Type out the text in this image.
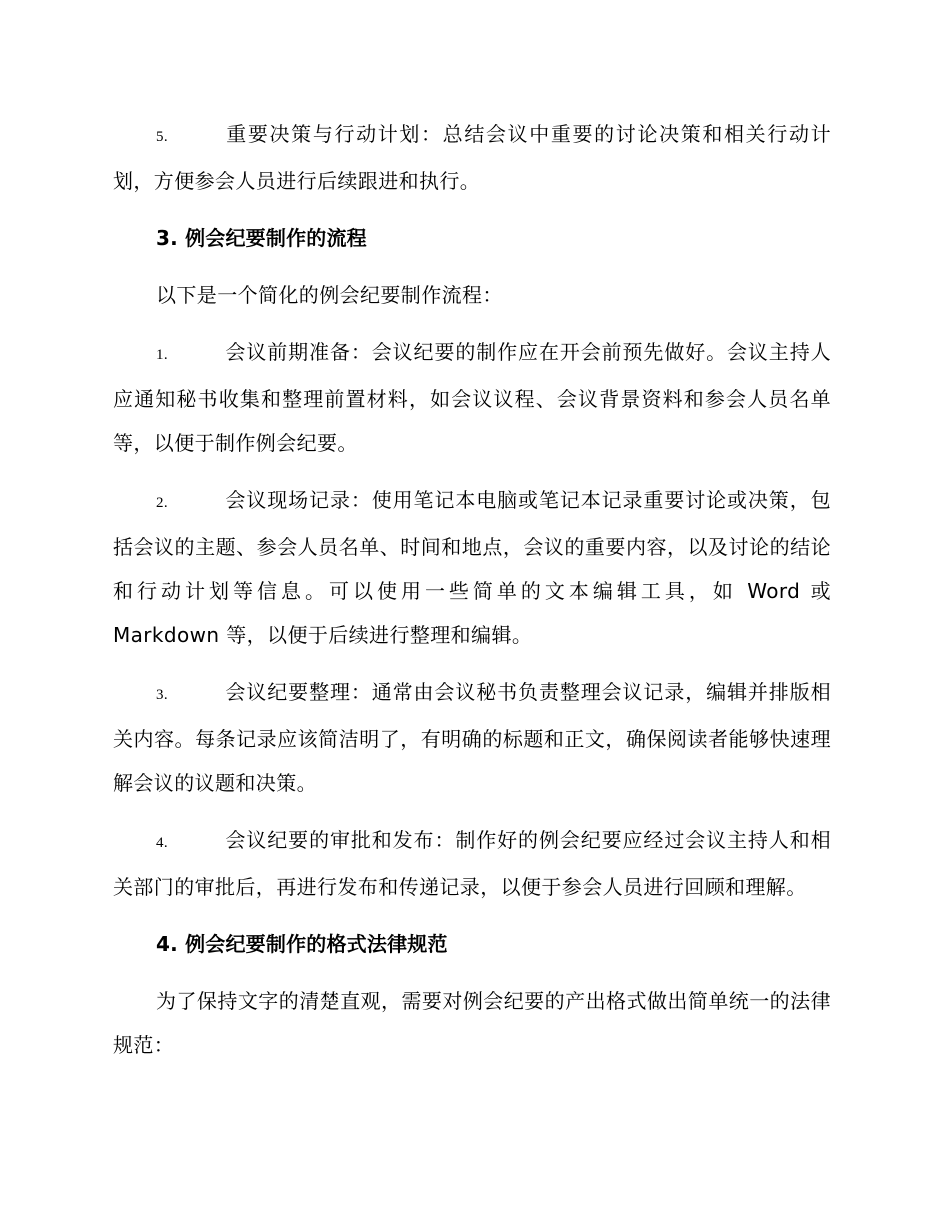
5.	重要决策与行动计划：总结会议中重要的讨论决策和相关行动计划，方便参会人员进行后续跟进和执行。

3. 例会纪要制作的流程

以下是一个简化的例会纪要制作流程：

1.	会议前期准备：会议纪要的制作应在开会前预先做好。会议主持人应通知秘书收集和整理前置材料，如会议议程、会议背景资料和参会人员名单等，以便于制作例会纪要。

2.	会议现场记录：使用笔记本电脑或笔记本记录重要讨论或决策，包括会议的主题、参会人员名单、时间和地点，会议的重要内容，以及讨论的结论和行动计划等信息。可以使用一些简单的文本编辑工具，如 Word 或 Markdown 等，以便于后续进行整理和编辑。

3.	会议纪要整理：通常由会议秘书负责整理会议记录，编辑并排版相关内容。每条记录应该简洁明了，有明确的标题和正文，确保阅读者能够快速理解会议的议题和决策。

4.	会议纪要的审批和发布：制作好的例会纪要应经过会议主持人和相关部门的审批后，再进行发布和传递记录，以便于参会人员进行回顾和理解。

4. 例会纪要制作的格式法律规范

为了保持文字的清楚直观，需要对例会纪要的产出格式做出简单统一的法律规范：
